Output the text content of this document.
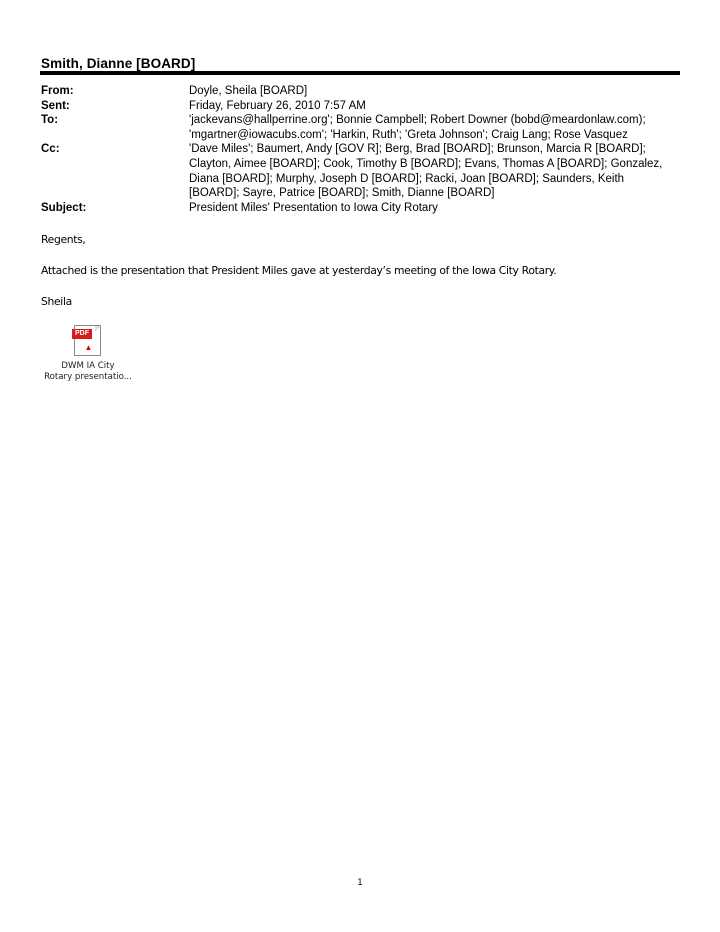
Smith, Dianne [BOARD]
From:	Doyle, Sheila [BOARD]
Sent:	Friday, February 26, 2010 7:57 AM
To:	'jackevans@hallperrine.org'; Bonnie Campbell; Robert Downer (bobd@meardonlaw.com);
'mgartner@iowacubs.com'; 'Harkin, Ruth'; 'Greta Johnson'; Craig Lang; Rose Vasquez
Cc:	'Dave Miles'; Baumert, Andy [GOV R]; Berg, Brad [BOARD]; Brunson, Marcia R [BOARD];
Clayton, Aimee [BOARD]; Cook, Timothy B [BOARD]; Evans, Thomas A [BOARD]; Gonzalez,
Diana [BOARD]; Murphy, Joseph D [BOARD]; Racki, Joan [BOARD]; Saunders, Keith
[BOARD]; Sayre, Patrice [BOARD]; Smith, Dianne [BOARD]
Subject:	President Miles' Presentation to Iowa City Rotary

Regents,

Attached is the presentation that President Miles gave at yesterday’s meeting of the Iowa City Rotary.

Sheila

PDF
▲
DWM IA City
Rotary presentatio...
1
